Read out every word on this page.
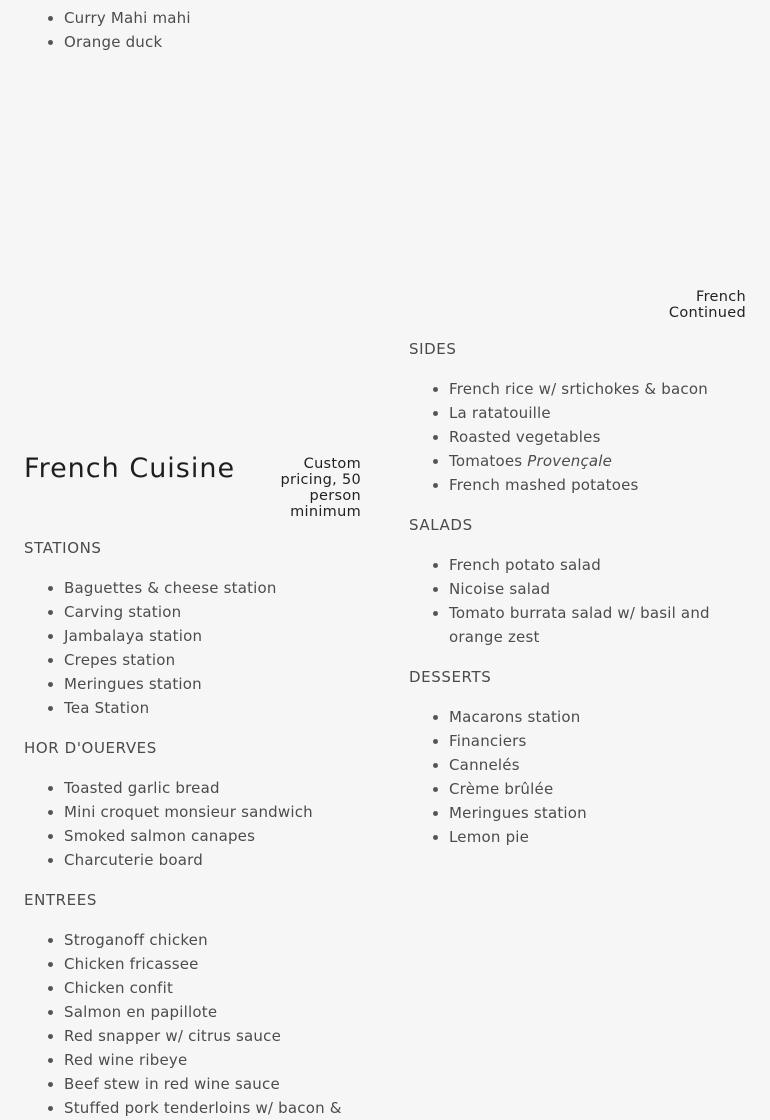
Curry Mahi mahi
Orange duck
French
Continued
French Cuisine	Custom
pricing, 50
person
minimum
STATIONS
Baguettes & cheese station
Carving station
Jambalaya station
Crepes station
Meringues station
Tea Station
HOR D'OUERVES
Toasted garlic bread
Mini croquet monsieur sandwich
Smoked salmon canapes
Charcuterie board
ENTREES
Stroganoff chicken
Chicken fricassee
Chicken confit
Salmon en papillote
Red snapper w/ citrus sauce
Red wine ribeye
Beef stew in red wine sauce
Stuffed pork tenderloins w/ bacon &
SIDES
French rice w/ srtichokes & bacon
La ratatouille
Roasted vegetables
Tomatoes Provençale
French mashed potatoes
SALADS
French potato salad
Nicoise salad
Tomato burrata salad w/ basil and orange zest
DESSERTS
Macarons station
Financiers
Cannelés
Crème brûlée
Meringues station
Lemon pie
